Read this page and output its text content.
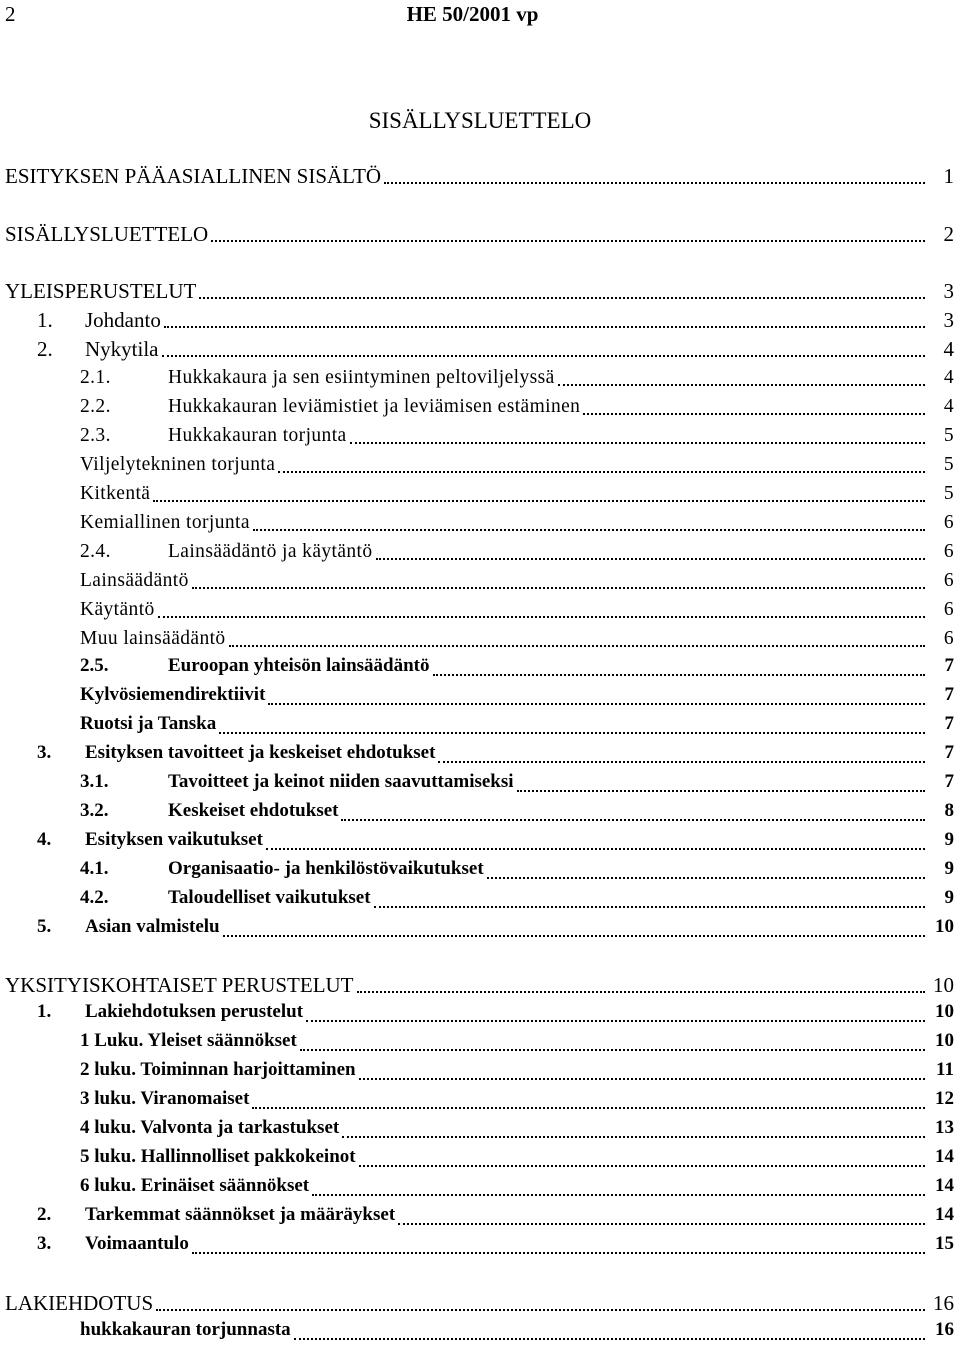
2	HE 50/2001 vp
SISÄLLYSLUETTELO
ESITYKSEN PÄÄASIALLINEN SISÄLTÖ	1
SISÄLLYSLUETTELO	2
YLEISPERUSTELUT	3
1.	Johdanto	3
2.	Nykytila	4
2.1.	Hukkakaura ja sen esiintyminen peltoviljelyssä	4
2.2.	Hukkakauran leviämistiet ja leviämisen estäminen	4
2.3.	Hukkakauran torjunta	5
Viljelytekninen torjunta	5
Kitkentä	5
Kemiallinen torjunta	6
2.4.	Lainsäädäntö ja käytäntö	6
Lainsäädäntö	6
Käytäntö	6
Muu lainsäädäntö	6
2.5.	Euroopan yhteisön lainsäädäntö	7
Kylvösiemendirektiivit	7
Ruotsi ja Tanska	7
3.	Esityksen tavoitteet ja keskeiset ehdotukset	7
3.1.	Tavoitteet ja keinot niiden saavuttamiseksi	7
3.2.	Keskeiset ehdotukset	8
4.	Esityksen vaikutukset	9
4.1.	Organisaatio- ja henkilöstövaikutukset	9
4.2.	Taloudelliset vaikutukset	9
5.	Asian valmistelu	10
YKSITYISKOHTAISET PERUSTELUT	10
1.	Lakiehdotuksen perustelut	10
1 Luku. Yleiset säännökset	10
2 luku. Toiminnan harjoittaminen	11
3 luku. Viranomaiset	12
4 luku. Valvonta ja tarkastukset	13
5 luku. Hallinnolliset pakkokeinot	14
6 luku. Erinäiset säännökset	14
2.	Tarkemmat säännökset ja määräykset	14
3.	Voimaantulo	15
LAKIEHDOTUS	16
hukkakauran torjunnasta	16
